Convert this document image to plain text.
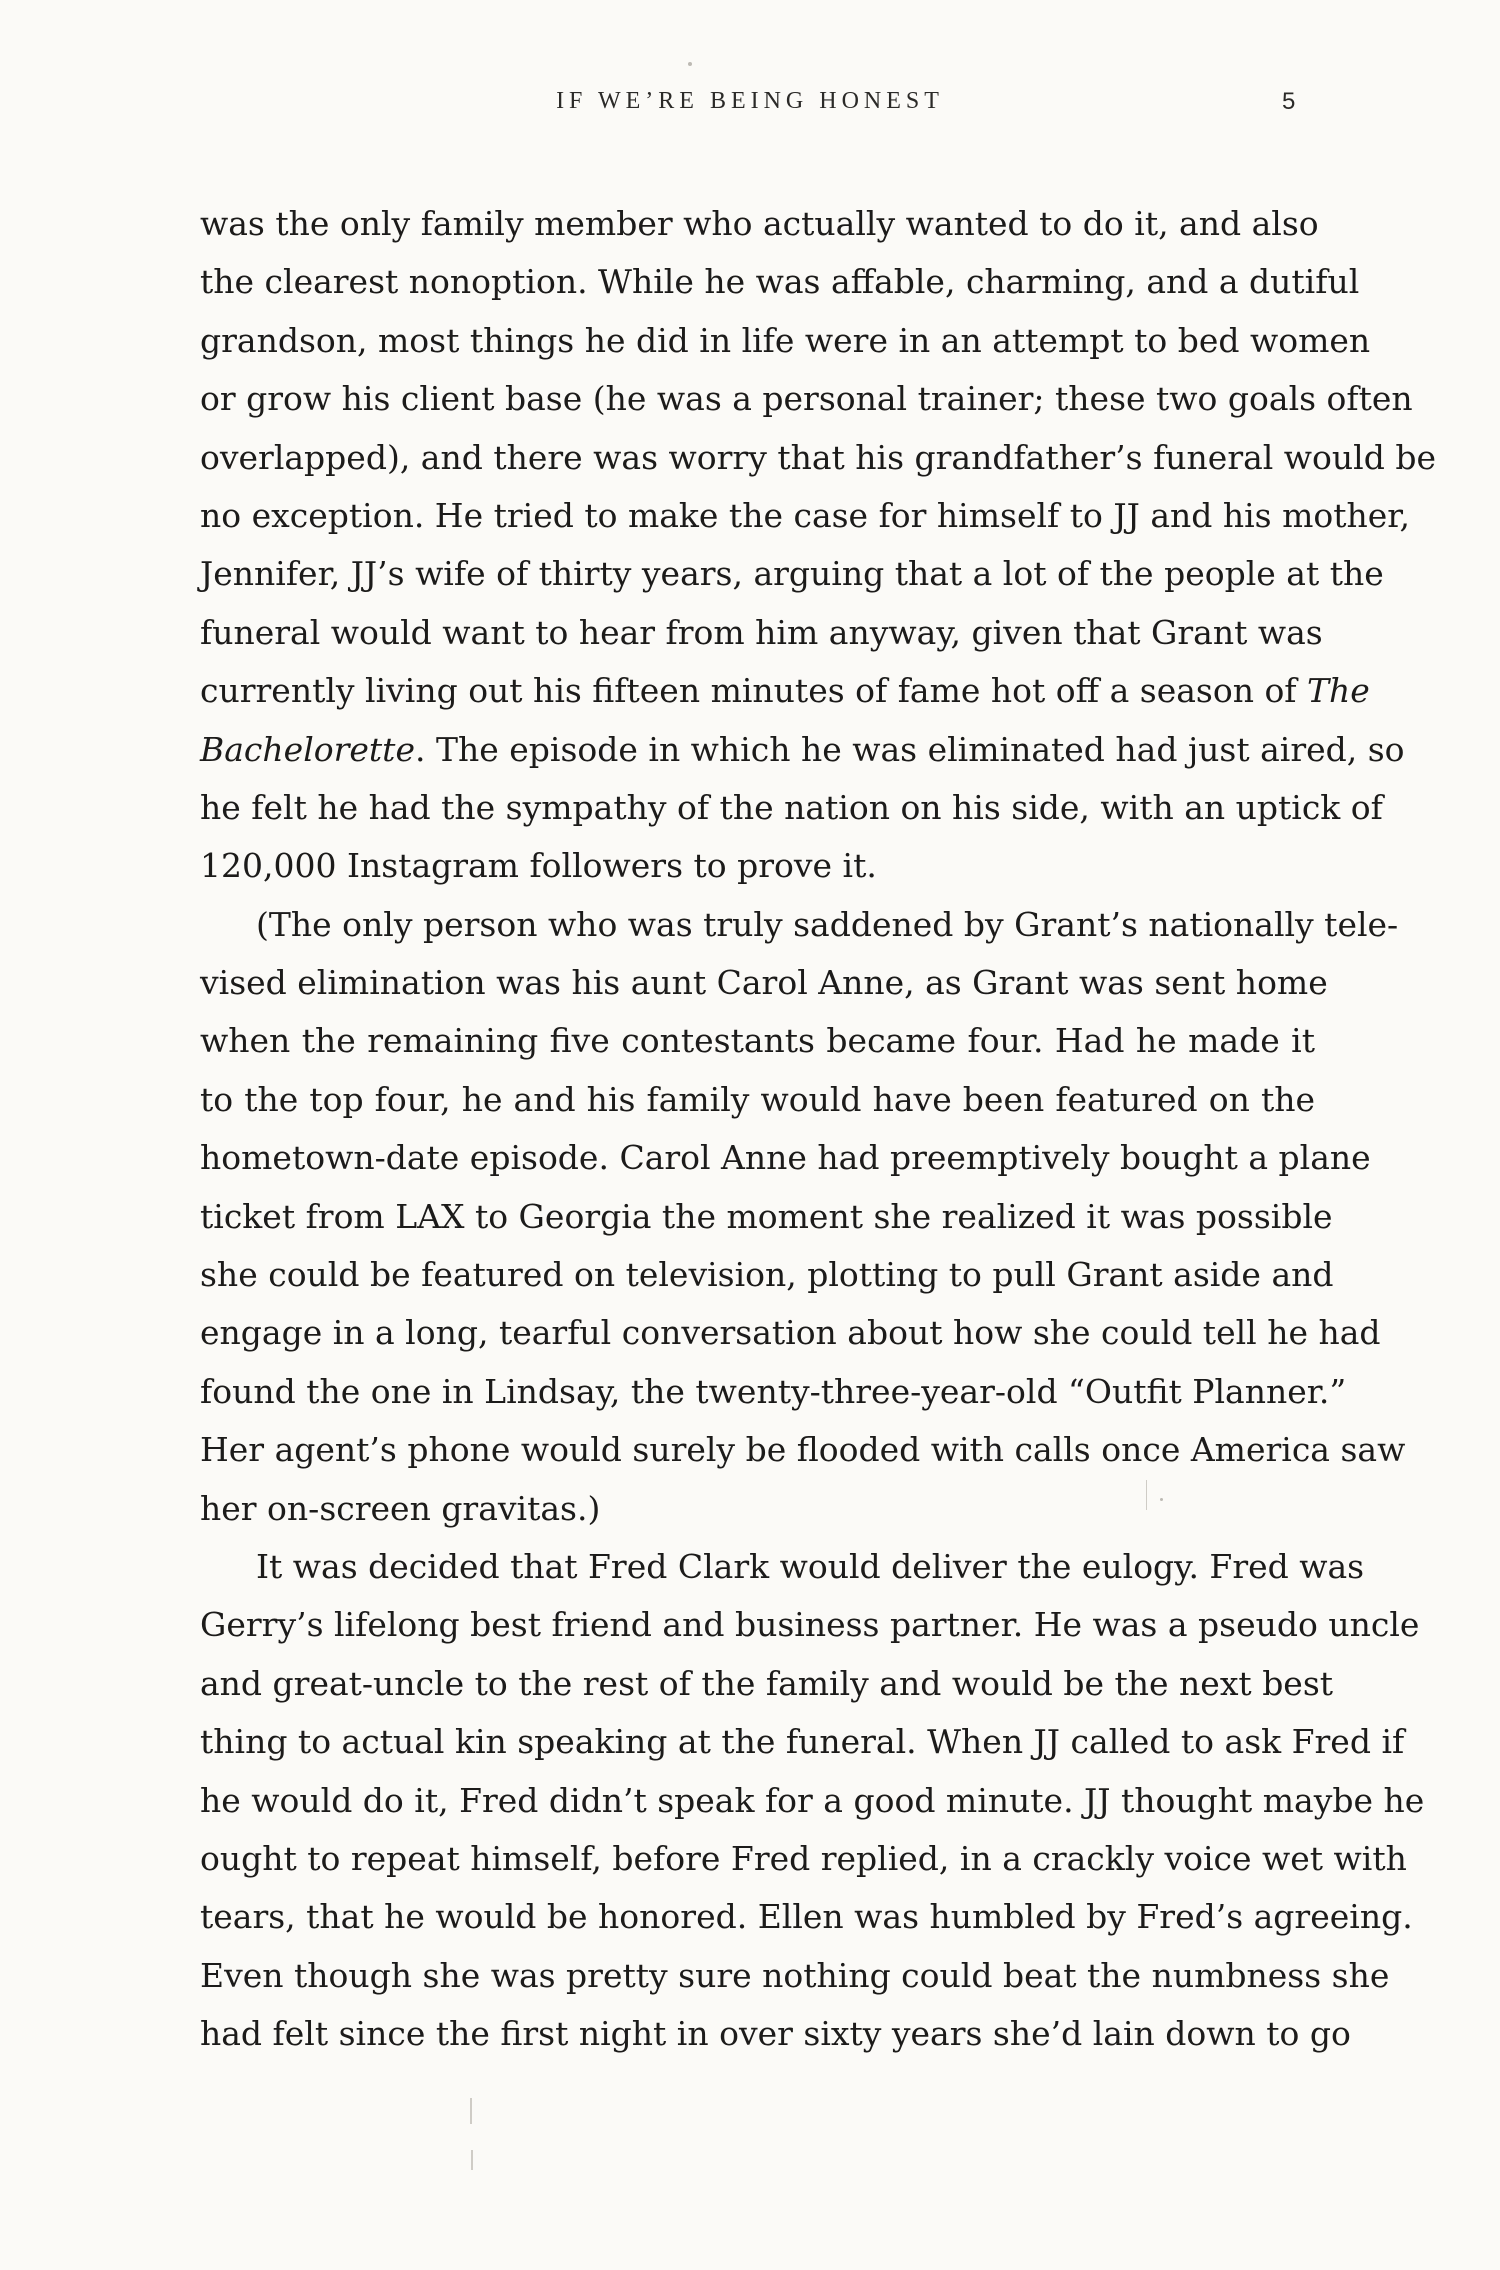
IF WE’RE BEING HONEST	5
was the only family member who actually wanted to do it, and also
the clearest nonoption. While he was affable, charming, and a dutiful
grandson, most things he did in life were in an attempt to bed women
or grow his client base (he was a personal trainer; these two goals often
overlapped), and there was worry that his grandfather’s funeral would be
no exception. He tried to make the case for himself to JJ and his mother,
Jennifer, JJ’s wife of thirty years, arguing that a lot of the people at the
funeral would want to hear from him anyway, given that Grant was
currently living out his fifteen minutes of fame hot off a season of The
Bachelorette. The episode in which he was eliminated had just aired, so
he felt he had the sympathy of the nation on his side, with an uptick of
120,000 Instagram followers to prove it.
(The only person who was truly saddened by Grant’s nationally tele-
vised elimination was his aunt Carol Anne, as Grant was sent home
when the remaining five contestants became four. Had he made it
to the top four, he and his family would have been featured on the
hometown-date episode. Carol Anne had preemptively bought a plane
ticket from LAX to Georgia the moment she realized it was possible
she could be featured on television, plotting to pull Grant aside and
engage in a long, tearful conversation about how she could tell he had
found the one in Lindsay, the twenty-three-year-old “Outfit Planner.”
Her agent’s phone would surely be flooded with calls once America saw
her on-screen gravitas.)
It was decided that Fred Clark would deliver the eulogy. Fred was
Gerry’s lifelong best friend and business partner. He was a pseudo uncle
and great-uncle to the rest of the family and would be the next best
thing to actual kin speaking at the funeral. When JJ called to ask Fred if
he would do it, Fred didn’t speak for a good minute. JJ thought maybe he
ought to repeat himself, before Fred replied, in a crackly voice wet with
tears, that he would be honored. Ellen was humbled by Fred’s agreeing.
Even though she was pretty sure nothing could beat the numbness she
had felt since the first night in over sixty years she’d lain down to go
